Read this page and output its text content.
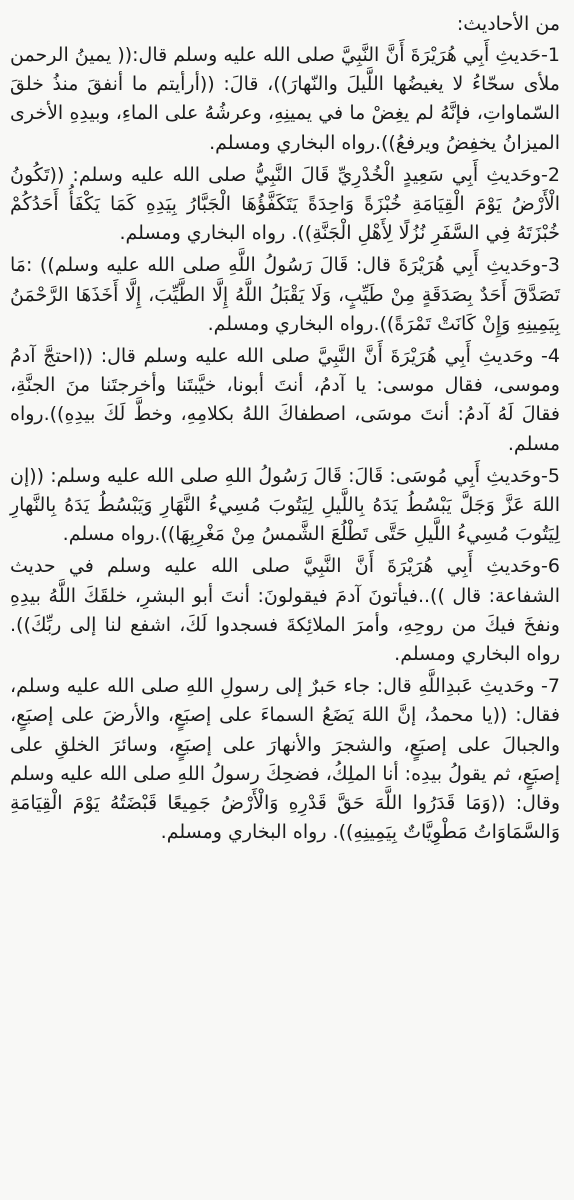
من الأحاديث:

1-حَديثِ أَبِي هُرَيْرَةَ أَنَّ النَّبِيَّ صلى الله عليه وسلم قال:(( يمينُ الرحمن ملأى سحّاءُ لا يغيضُها اللَّيلَ والنّهارَ))، قالَ: ((أرأيتم ما أنفقَ منذُ خلقَ السّماواتِ، فإنَّهُ لم يغِضْ ما في يمينِهِ، وعرشُهُ على الماءِ، وبيدِهِ الأخرى الميزانُ يخفِضُ ويرفعُ)).رواه البخاري ومسلم.

2-وحَديثِ أَبِي سَعِيدٍ الْخُدْرِيِّ قَالَ النَّبِيُّ صلى الله عليه وسلم: ((تَكُونُ الْأَرْضُ يَوْمَ الْقِيَامَةِ خُبْزَةً وَاحِدَةً يَتَكَفَّؤُهَا الْجَبَّارُ بِيَدِهِ كَمَا يَكْفَأُ أَحَدُكُمْ خُبْزَتَهُ فِي السَّفَرِ نُزُلًا لِأَهْلِ الْجَنَّةِ)). رواه البخاري ومسلم.

3-وحَديثِ أَبِي هُرَيْرَةَ قال: قَالَ رَسُولُ اللَّهِ صلى الله عليه وسلم)) :مَا تَصَدَّقَ أَحَدٌ بِصَدَقَةٍ مِنْ طَيِّبٍ، وَلَا يَقْبَلُ اللَّهُ إِلَّا الطَّيِّبَ، إِلَّا أَخَذَهَا الرَّحْمَنُ بِيَمِينِهِ وَإِنْ كَانَتْ تَمْرَةً)).رواه البخاري ومسلم.

4- وحَديثِ أَبِي هُرَيْرَةَ أَنَّ النَّبِيَّ صلى الله عليه وسلم قال: ((احتجَّ آدمُ وموسى، فقال موسى: يا آدمُ، أنتَ أبونا، خيَّبتَنا وأخرجتَنا منَ الجنَّةِ، فقالَ لَهُ آدمُ: أنتَ موسَى، اصطفاكَ اللهُ بكلامِهِ، وخطَّ لَكَ بيدِهِ)).رواه مسلم.

5-وحَديثِ أَبِي مُوسَى: قَالَ: قَالَ رَسُولُ اللهِ صلى الله عليه وسلم: ((إن اللهَ عَزَّ وَجَلَّ يَبْسُطُ يَدَهُ بِاللَّيلِ لِيَتُوبَ مُسِيءُ النَّهَارِ وَيَبْسُطُ يَدَهُ بِالنَّهارِ لِيَتُوبَ مُسِيءُ اللَّيلِ حَتَّى تَطْلُعَ الشَّمسُ مِنْ مَغْرِبِهَا)).رواه مسلم.

6-وحَديثِ أَبِي هُرَيْرَةَ أَنَّ النَّبِيَّ صلى الله عليه وسلم في حديث الشفاعة: قال ))..فيأتونَ آدمَ فيقولونَ: أنتَ أبو البشرِ، خلقَكَ اللَّهُ بيدِهِ ونفخَ فيكَ من روحِهِ، وأمرَ الملائِكةَ فسجدوا لَكَ، اشفع لنا إلى ربِّكَ)). رواه البخاري ومسلم.

7- وحَديثِ عَبدِاللَّهِ قال: جاء حَبرٌ إلى رسولِ اللهِ صلى الله عليه وسلم، فقال: ((يا محمدُ، إنَّ اللهَ يَضَعُ السماءَ على إصبَعٍ، والأرضَ على إصبَعٍ، والجبالَ على إصبَعٍ، والشجرَ والأنهارَ على إصبَعٍ، وسائرَ الخلقِ على إصبَعٍ، ثم يقولُ بيدِه: أنا الملِكُ، فضحِكَ رسولُ اللهِ صلى الله عليه وسلم وقال: ((وَمَا قَدَرُوا اللَّهَ حَقَّ قَدْرِهِ وَالْأَرْضُ جَمِيعًا قَبْضَتُهُ يَوْمَ الْقِيَامَةِ وَالسَّمَاوَاتُ مَطْوِيَّاتٌ بِيَمِينِهِ)). رواه البخاري ومسلم.
